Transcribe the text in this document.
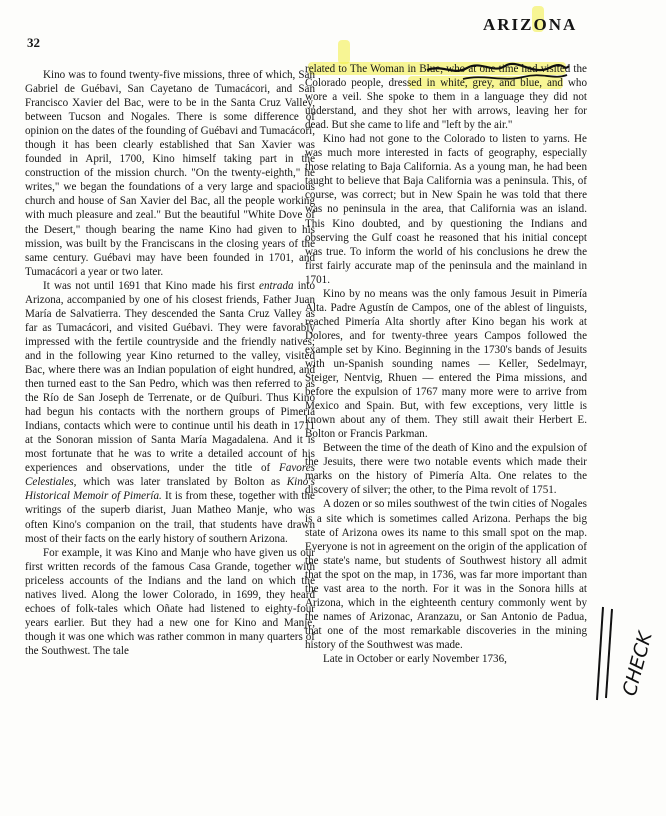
ARIZONA
32

Kino was to found twenty-five missions, three of which, San Gabriel de Guébavi, San Cayetano de Tumacácori, and San Francisco Xavier del Bac, were to be in the Santa Cruz Valley, between Tucson and Nogales. There is some difference of opinion on the dates of the founding of Guébavi and Tumacácori, though it has been clearly established that San Xavier was founded in April, 1700, Kino himself taking part in the construction of the mission church. "On the twenty-eighth," he writes," we began the foundations of a very large and spacious church and house of San Xavier del Bac, all the people working with much pleasure and zeal." But the beautiful "White Dove of the Desert," though bearing the name Kino had given to his mission, was built by the Franciscans in the closing years of the same century. Guébavi may have been founded in 1701, and Tumacácori a year or two later.

It was not until 1691 that Kino made his first entrada into Arizona, accompanied by one of his closest friends, Father Juan María de Salvatierra. They descended the Santa Cruz Valley as far as Tumacácori, and visited Guébavi. They were favorably impressed with the fertile countryside and the friendly natives; and in the following year Kino returned to the valley, visited Bac, where there was an Indian population of eight hundred, and then turned east to the San Pedro, which was then referred to as the Río de San Joseph de Terrenate, or de Quíburi. Thus Kino had begun his contacts with the northern groups of Pimería Indians, contacts which were to continue until his death in 1711 at the Sonoran mission of Santa María Magadalena. And it is most fortunate that he was to write a detailed account of his experiences and observations, under the title of Favores Celestiales, which was later translated by Bolton as Kino's Historical Memoir of Pimería. It is from these, together with the writings of the superb diarist, Juan Matheo Manje, who was often Kino's companion on the trail, that students have drawn most of their facts on the early history of southern Arizona.

For example, it was Kino and Manje who have given us our first written records of the famous Casa Grande, together with priceless accounts of the Indians and the land on which the natives lived. Along the lower Colorado, in 1699, they heard echoes of folk-tales which Oñate had listened to eighty-four years earlier. But they had a new one for Kino and Manje, though it was one which was rather common in many quarters of the Southwest. The tale

related to The Woman in Blue, who at one time had visited the Colorado people, dressed in white, grey, and blue, and who wore a veil. She spoke to them in a language they did not understand, and they shot her with arrows, leaving her for dead. But she came to life and "left by the air."

Kino had not gone to the Colorado to listen to yarns. He was much more interested in facts of geography, especially those relating to Baja California. As a young man, he had been taught to believe that Baja California was a peninsula. This, of course, was correct; but in New Spain he was told that there was no peninsula in the area, that California was an island. This Kino doubted, and by questioning the Indians and observing the Gulf coast he reasoned that his initial concept was true. To inform the world of his conclusions he drew the first fairly accurate map of the peninsula and the mainland in 1701.

Kino by no means was the only famous Jesuit in Pimería Alta. Padre Agustín de Campos, one of the ablest of linguists, reached Pimería Alta shortly after Kino began his work at Dolores, and for twenty-three years Campos followed the example set by Kino. Beginning in the 1730's bands of Jesuits with un-Spanish sounding names — Keller, Sedelmayr, Steiger, Nentvig, Rhuen — entered the Pima missions, and before the expulsion of 1767 many more were to arrive from Mexico and Spain. But, with few exceptions, very little is known about any of them. They still await their Herbert E. Bolton or Francis Parkman.

Between the time of the death of Kino and the expulsion of the Jesuits, there were two notable events which made their marks on the history of Pimería Alta. One relates to the discovery of silver; the other, to the Pima revolt of 1751.

A dozen or so miles southwest of the twin cities of Nogales is a site which is sometimes called Arizona. Perhaps the big state of Arizona owes its name to this small spot on the map. Everyone is not in agreement on the origin of the application of the state's name, but students of Southwest history all admit that the spot on the map, in 1736, was far more important than the vast area to the north. For it was in the Sonora hills at Arizona, which in the eighteenth century commonly went by the names of Arizonac, Aranzazu, or San Antonio de Padua, that one of the most remarkable discoveries in the mining history of the Southwest was made.

Late in October or early November 1736,	CHECK
